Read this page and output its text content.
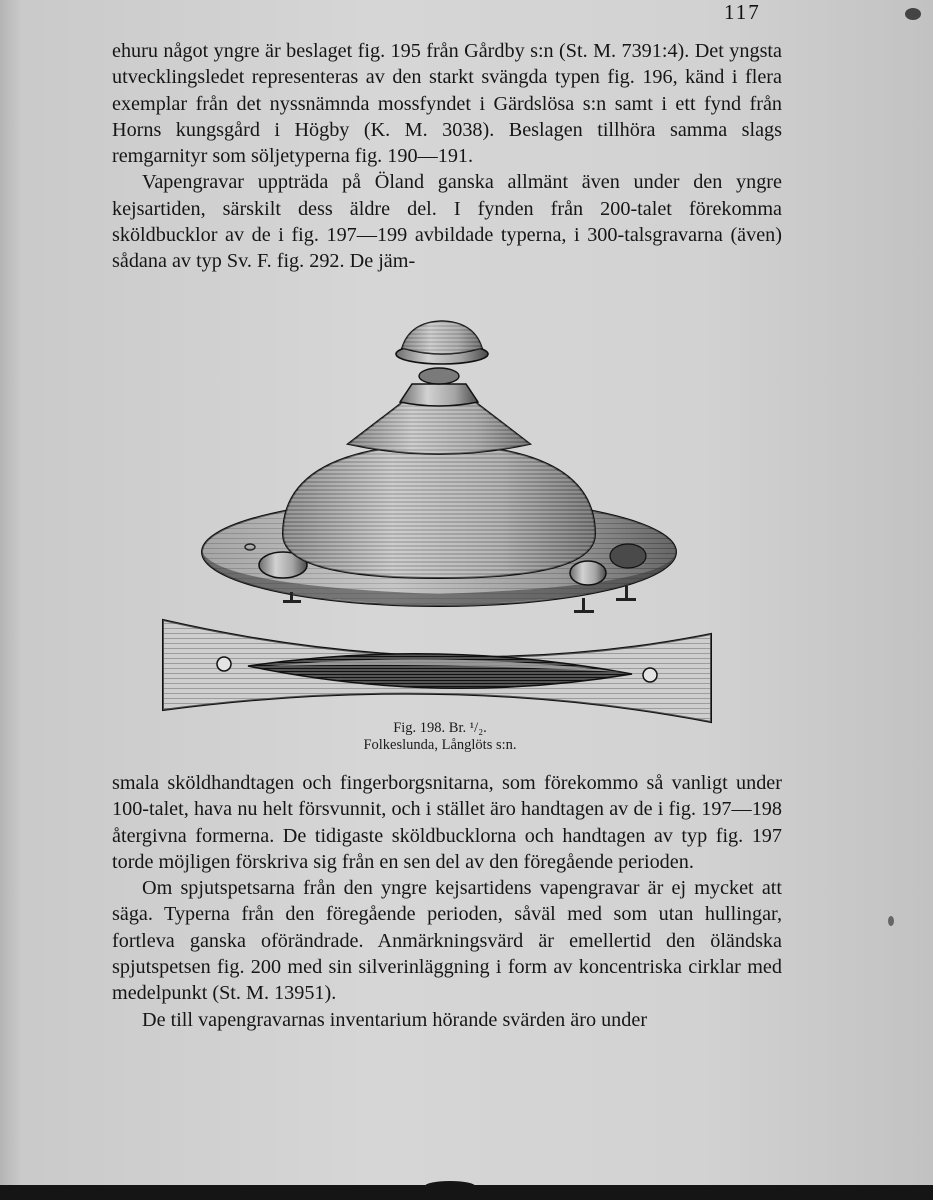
117

ehuru något yngre är beslaget fig. 195 från Gårdby s:n (St. M. 7391:4). Det yngsta utvecklingsledet representeras av den starkt svängda typen fig. 196, känd i flera exemplar från det nyssnämnda mossfyndet i Gärdslösa s:n samt i ett fynd från Horns kungsgård i Högby (K. M. 3038). Beslagen tillhöra samma slags remgarnityr som söljetyperna fig. 190—191.

Vapengravar uppträda på Öland ganska allmänt även under den yngre kejsartiden, särskilt dess äldre del. I fynden från 200-talet förekomma sköldbucklor av de i fig. 197—199 avbildade typerna, i 300-talsgravarna (även) sådana av typ Sv. F. fig. 292. De jäm-

Fig. 198. Br. ¹/₂.
Folkeslunda, Långlöts s:n.

smala sköldhandtagen och fingerborgsnitarna, som förekommo så vanligt under 100-talet, hava nu helt försvunnit, och i stället äro handtagen av de i fig. 197—198 återgivna formerna. De tidigaste sköldbucklorna och handtagen av typ fig. 197 torde möjligen förskriva sig från en sen del av den föregående perioden.

Om spjutspetsarna från den yngre kejsartidens vapengravar är ej mycket att säga. Typerna från den föregående perioden, såväl med som utan hullingar, fortleva ganska oförändrade. Anmärkningsvärd är emellertid den öländska spjutspetsen fig. 200 med sin silverinläggning i form av koncentriska cirklar med medelpunkt (St. M. 13951).

De till vapengravarnas inventarium hörande svärden äro under
